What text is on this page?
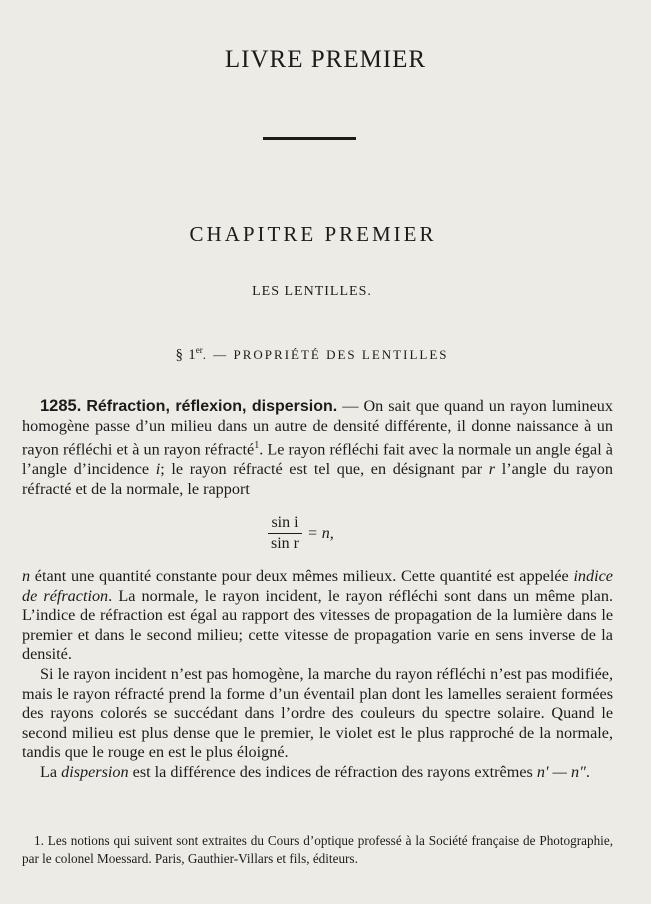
LIVRE PREMIER
CHAPITRE PREMIER
LES LENTILLES.
§ 1er. — PROPRIÉTÉ DES LENTILLES

1285. Réfraction, réflexion, dispersion. — On sait que quand un rayon lumineux homogène passe d’un milieu dans un autre de densité différente, il donne naissance à un rayon réfléchi et à un rayon réfracté$^1$. Le rayon réfléchi fait avec la normale un angle égal à l’angle d’incidence i; le rayon réfracté est tel que, en désignant par r l’angle du rayon réfracté et de la normale, le rapport

$\frac{\text{sin i}}{\text{sin r}} = n$,

n étant une quantité constante pour deux mêmes milieux. Cette quantité est appelée indice de réfraction. La normale, le rayon incident, le rayon réfléchi sont dans un même plan. L’indice de réfraction est égal au rapport des vitesses de propagation de la lumière dans le premier et dans le second milieu; cette vitesse de propagation varie en sens inverse de la densité.

Si le rayon incident n’est pas homogène, la marche du rayon réfléchi n’est pas modifiée, mais le rayon réfracté prend la forme d’un éventail plan dont les lamelles seraient formées des rayons colorés se succédant dans l’ordre des couleurs du spectre solaire. Quand le second milieu est plus dense que le premier, le violet est le plus rapproché de la normale, tandis que le rouge en est le plus éloigné.

La dispersion est la différence des indices de réfraction des rayons extrêmes n′ — n″.

1. Les notions qui suivent sont extraites du Cours d’optique professé à la Société française de Photographie, par le colonel Moessard. Paris, Gauthier-Villars et fils, éditeurs.
